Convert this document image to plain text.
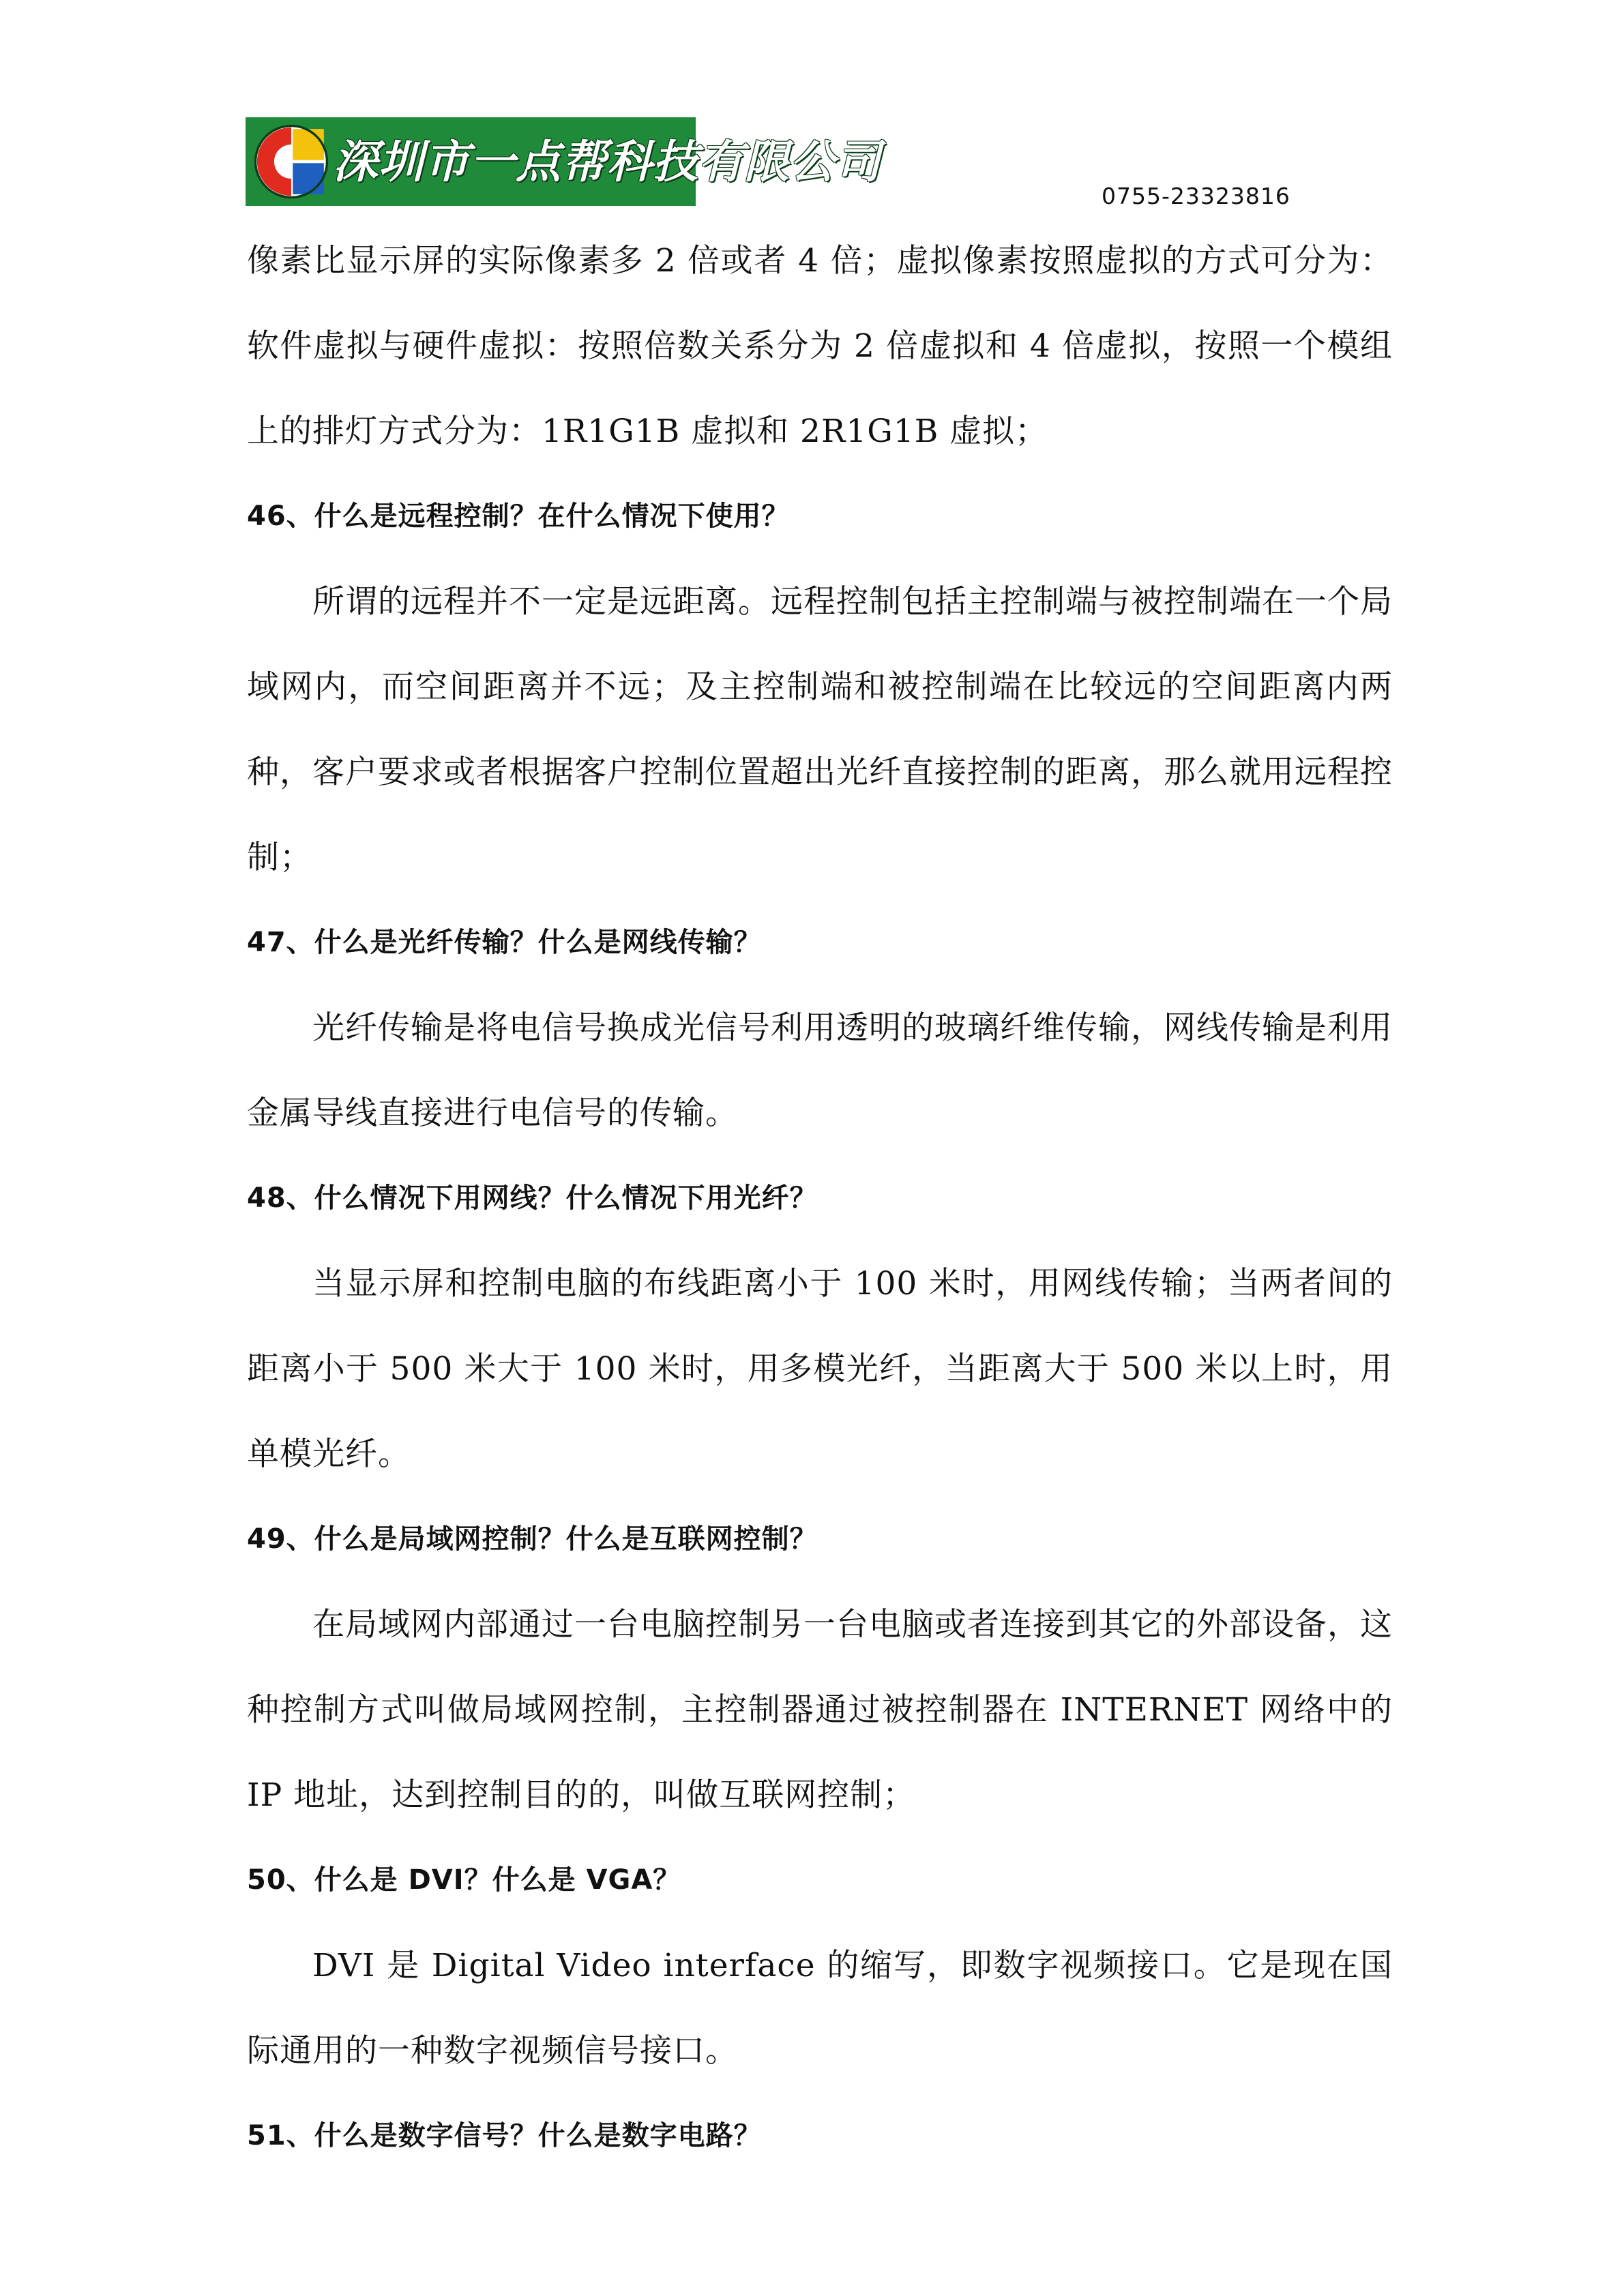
深圳市一点帮科技有限公司
0755-23323816

像素比显示屏的实际像素多 2 倍或者 4 倍；虚拟像素按照虚拟的方式可分为：软件虚拟与硬件虚拟：按照倍数关系分为 2 倍虚拟和 4 倍虚拟，按照一个模组上的排灯方式分为：1R1G1B 虚拟和 2R1G1B 虚拟；

46、什么是远程控制？在什么情况下使用？

所谓的远程并不一定是远距离。远程控制包括主控制端与被控制端在一个局域网内，而空间距离并不远；及主控制端和被控制端在比较远的空间距离内两种，客户要求或者根据客户控制位置超出光纤直接控制的距离，那么就用远程控制；

47、什么是光纤传输？什么是网线传输？

光纤传输是将电信号换成光信号利用透明的玻璃纤维传输，网线传输是利用金属导线直接进行电信号的传输。

48、什么情况下用网线？什么情况下用光纤？

当显示屏和控制电脑的布线距离小于 100 米时，用网线传输；当两者间的距离小于 500 米大于 100 米时，用多模光纤，当距离大于 500 米以上时，用单模光纤。

49、什么是局域网控制？什么是互联网控制？

在局域网内部通过一台电脑控制另一台电脑或者连接到其它的外部设备，这种控制方式叫做局域网控制，主控制器通过被控制器在 INTERNET 网络中的 IP 地址，达到控制目的的，叫做互联网控制；

50、什么是 DVI？什么是 VGA？

DVI 是 Digital Video interface 的缩写，即数字视频接口。它是现在国际通用的一种数字视频信号接口。

51、什么是数字信号？什么是数字电路？
